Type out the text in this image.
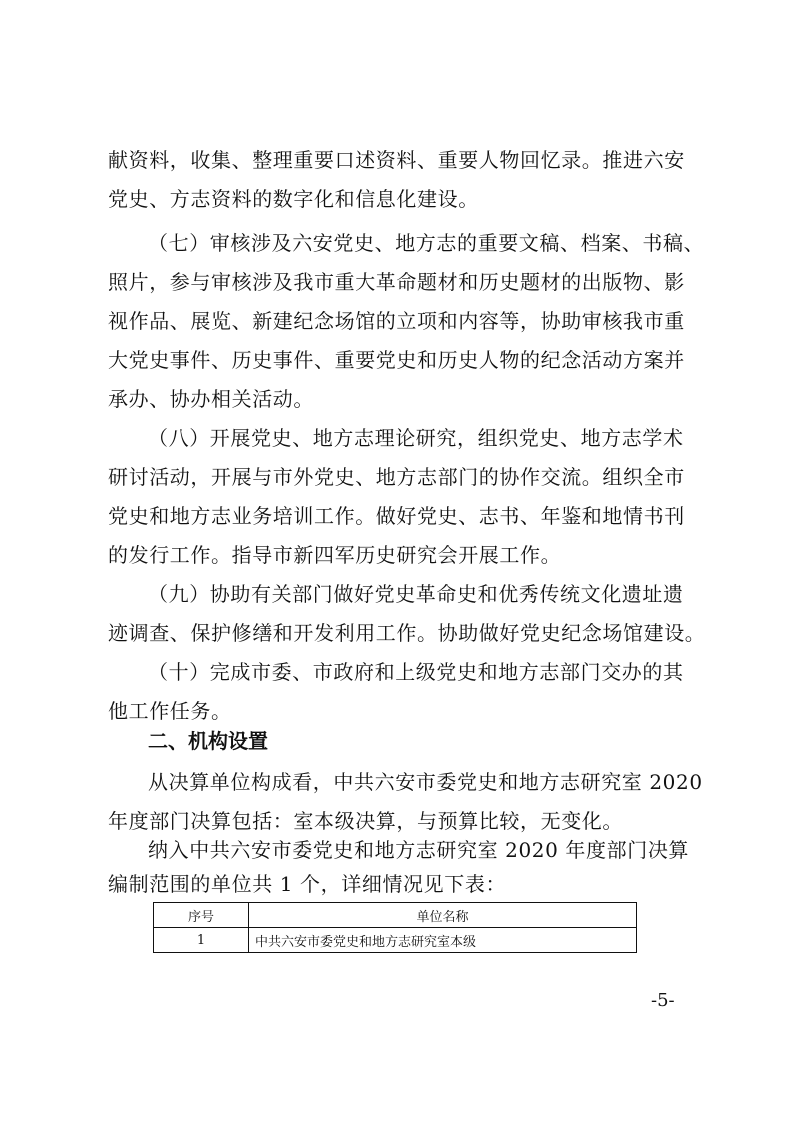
献资料，收集、整理重要口述资料、重要人物回忆录。推进六安
党史、方志资料的数字化和信息化建设。
（七）审核涉及六安党史、地方志的重要文稿、档案、书稿、
照片，参与审核涉及我市重大革命题材和历史题材的出版物、影
视作品、展览、新建纪念场馆的立项和内容等，协助审核我市重
大党史事件、历史事件、重要党史和历史人物的纪念活动方案并
承办、协办相关活动。
（八）开展党史、地方志理论研究，组织党史、地方志学术
研讨活动，开展与市外党史、地方志部门的协作交流。组织全市
党史和地方志业务培训工作。做好党史、志书、年鉴和地情书刊
的发行工作。指导市新四军历史研究会开展工作。
（九）协助有关部门做好党史革命史和优秀传统文化遗址遗
迹调查、保护修缮和开发利用工作。协助做好党史纪念场馆建设。
（十）完成市委、市政府和上级党史和地方志部门交办的其
他工作任务。
二、机构设置
从决算单位构成看，中共六安市委党史和地方志研究室 2020
年度部门决算包括：室本级决算，与预算比较，无变化。
纳入中共六安市委党史和地方志研究室 2020 年度部门决算
编制范围的单位共 1 个，详细情况见下表：
序号	单位名称
1	中共六安市委党史和地方志研究室本级
-5-
